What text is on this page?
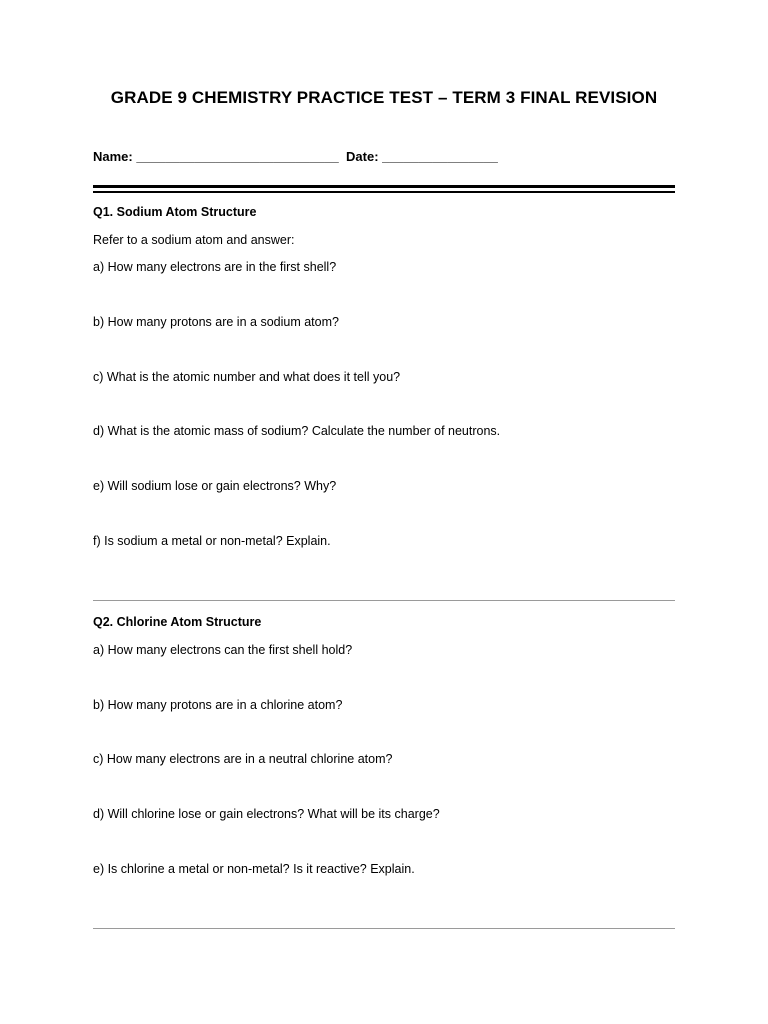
GRADE 9 CHEMISTRY PRACTICE TEST – TERM 3 FINAL REVISION
Name: ____________________________  Date: ________________
Q1. Sodium Atom Structure
Refer to a sodium atom and answer:
a) How many electrons are in the first shell?
b) How many protons are in a sodium atom?
c) What is the atomic number and what does it tell you?
d) What is the atomic mass of sodium? Calculate the number of neutrons.
e) Will sodium lose or gain electrons? Why?
f) Is sodium a metal or non-metal? Explain.
Q2. Chlorine Atom Structure
a) How many electrons can the first shell hold?
b) How many protons are in a chlorine atom?
c) How many electrons are in a neutral chlorine atom?
d) Will chlorine lose or gain electrons? What will be its charge?
e) Is chlorine a metal or non-metal? Is it reactive? Explain.
